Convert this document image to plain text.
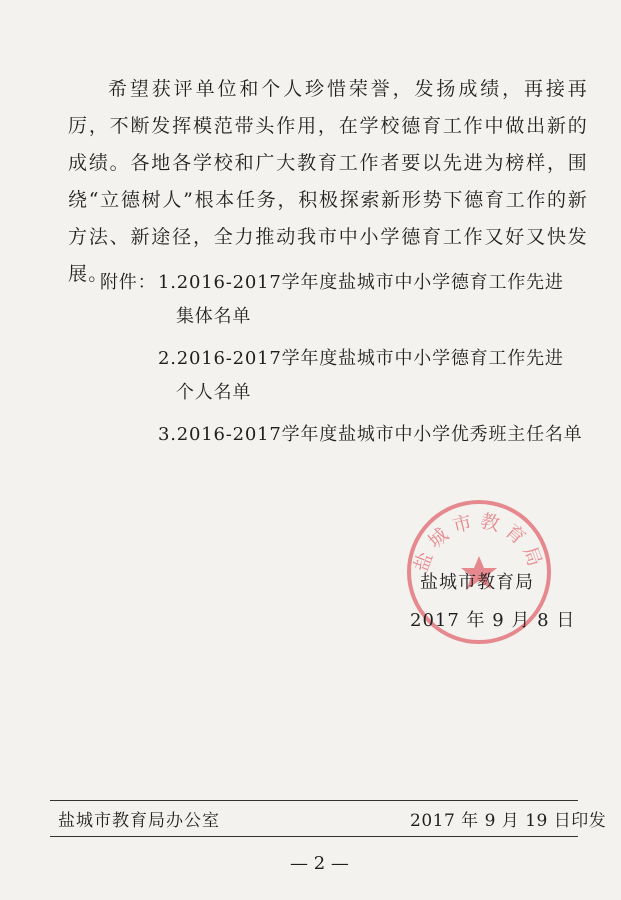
希望获评单位和个人珍惜荣誉，发扬成绩，再接再厉，不断发挥模范带头作用，在学校德育工作中做出新的成绩。各地各学校和广大教育工作者要以先进为榜样，围绕“立德树人”根本任务，积极探索新形势下德育工作的新方法、新途径，全力推动我市中小学德育工作又好又快发展。

附件： 1.2016-2017学年度盐城市中小学德育工作先进
集体名单
2.2016-2017学年度盐城市中小学德育工作先进
个人名单
3.2016-2017学年度盐城市中小学优秀班主任名单
盐城市教育局
盐城市教育局
2017 年 9 月 8 日
盐城市教育局办公室	2017 年 9 月 19 日印发
— 2 —
